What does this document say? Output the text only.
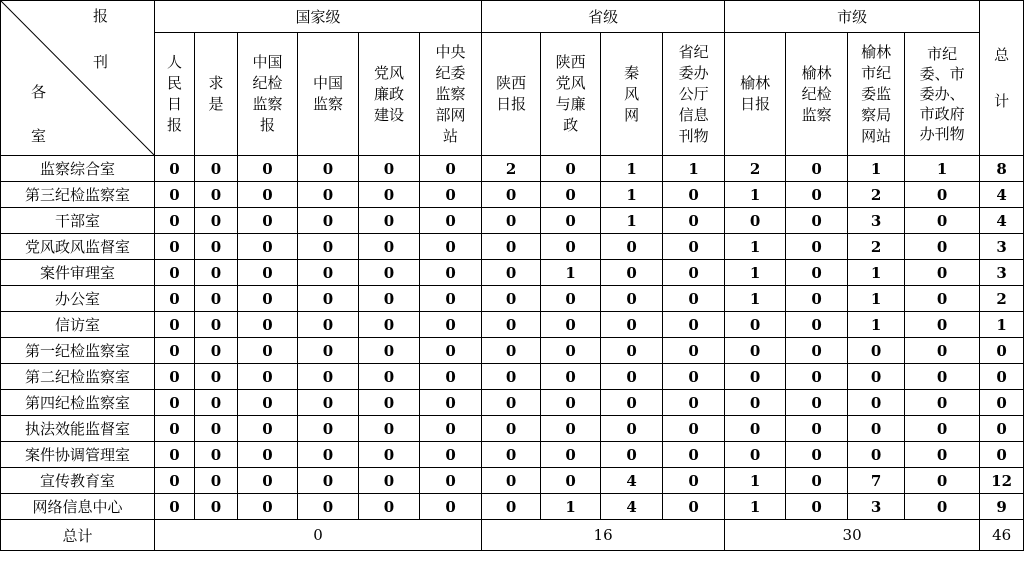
报
刊
各
室	国家级						省级				市级				总计
	人民日报	求是	中国纪检监察报	中国监察	党风廉政建设	中央纪委监察部网站	陕西日报	陕西党风与廉政	秦风网	省纪委办公厅信息刊物	榆林日报	榆林纪检监察	榆林市纪委监察局网站	市纪委、市委办、市政府办刊物	
监察综合室	0	0	0	0	0	0	2	0	1	1	2	0	1	1	8
第三纪检监察室	0	0	0	0	0	0	0	0	1	0	1	0	2	0	4
干部室	0	0	0	0	0	0	0	0	1	0	0	0	3	0	4
党风政风监督室	0	0	0	0	0	0	0	0	0	0	1	0	2	0	3
案件审理室	0	0	0	0	0	0	0	1	0	0	1	0	1	0	3
办公室	0	0	0	0	0	0	0	0	0	0	1	0	1	0	2
信访室	0	0	0	0	0	0	0	0	0	0	0	0	1	0	1
第一纪检监察室	0	0	0	0	0	0	0	0	0	0	0	0	0	0	0
第二纪检监察室	0	0	0	0	0	0	0	0	0	0	0	0	0	0	0
第四纪检监察室	0	0	0	0	0	0	0	0	0	0	0	0	0	0	0
执法效能监督室	0	0	0	0	0	0	0	0	0	0	0	0	0	0	0
案件协调管理室	0	0	0	0	0	0	0	0	0	0	0	0	0	0	0
宣传教育室	0	0	0	0	0	0	0	0	4	0	1	0	7	0	12
网络信息中心	0	0	0	0	0	0	0	1	4	0	1	0	3	0	9
总计	0						16				30				46
